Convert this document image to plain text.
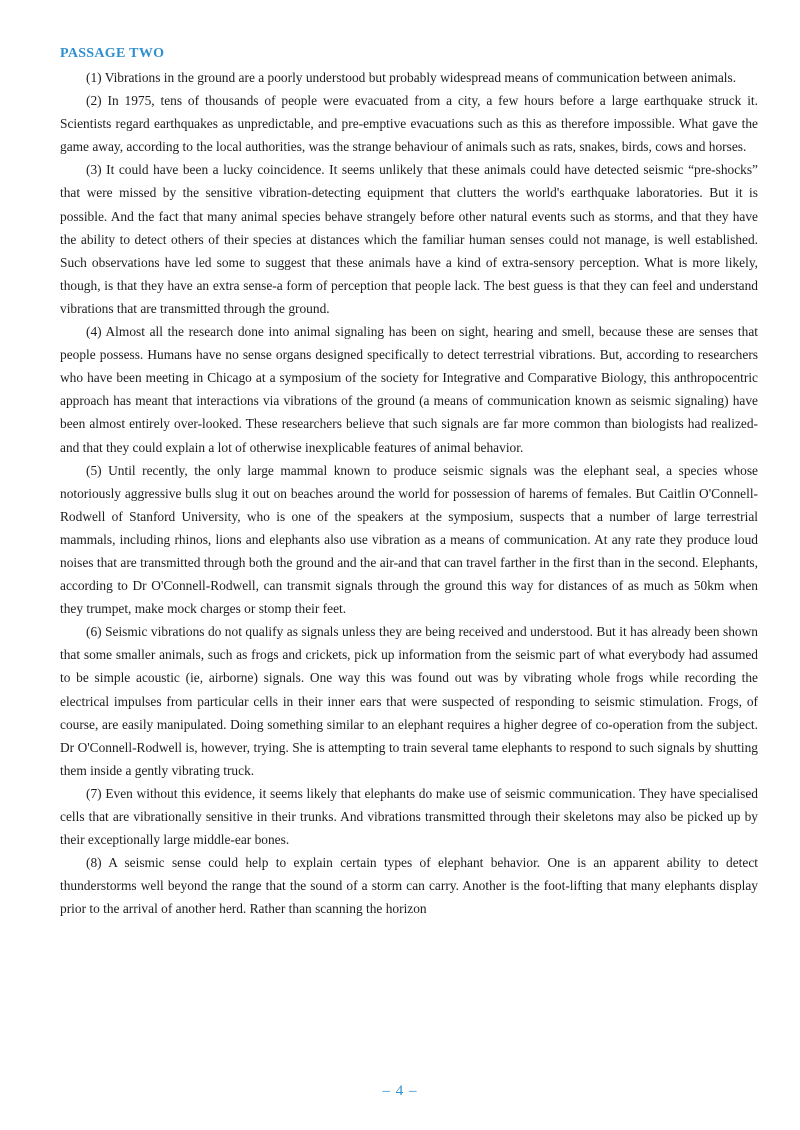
PASSAGE TWO

(1) Vibrations in the ground are a poorly understood but probably widespread means of communication between animals.

(2) In 1975, tens of thousands of people were evacuated from a city, a few hours before a large earthquake struck it. Scientists regard earthquakes as unpredictable, and pre-emptive evacuations such as this as therefore impossible. What gave the game away, according to the local authorities, was the strange behaviour of animals such as rats, snakes, birds, cows and horses.

(3) It could have been a lucky coincidence. It seems unlikely that these animals could have detected seismic “pre-shocks” that were missed by the sensitive vibration-detecting equipment that clutters the world's earthquake laboratories. But it is possible. And the fact that many animal species behave strangely before other natural events such as storms, and that they have the ability to detect others of their species at distances which the familiar human senses could not manage, is well established. Such observations have led some to suggest that these animals have a kind of extra-sensory perception. What is more likely, though, is that they have an extra sense-a form of perception that people lack. The best guess is that they can feel and understand vibrations that are transmitted through the ground.

(4) Almost all the research done into animal signaling has been on sight, hearing and smell, because these are senses that people possess. Humans have no sense organs designed specifically to detect terrestrial vibrations. But, according to researchers who have been meeting in Chicago at a symposium of the society for Integrative and Comparative Biology, this anthropocentric approach has meant that interactions via vibrations of the ground (a means of communication known as seismic signaling) have been almost entirely over-looked. These researchers believe that such signals are far more common than biologists had realized-and that they could explain a lot of otherwise inexplicable features of animal behavior.

(5) Until recently, the only large mammal known to produce seismic signals was the elephant seal, a species whose notoriously aggressive bulls slug it out on beaches around the world for possession of harems of females. But Caitlin O'Connell-Rodwell of Stanford University, who is one of the speakers at the symposium, suspects that a number of large terrestrial mammals, including rhinos, lions and elephants also use vibration as a means of communication. At any rate they produce loud noises that are transmitted through both the ground and the air-and that can travel farther in the first than in the second. Elephants, according to Dr O'Connell-Rodwell, can transmit signals through the ground this way for distances of as much as 50km when they trumpet, make mock charges or stomp their feet.

(6) Seismic vibrations do not qualify as signals unless they are being received and understood. But it has already been shown that some smaller animals, such as frogs and crickets, pick up information from the seismic part of what everybody had assumed to be simple acoustic (ie, airborne) signals. One way this was found out was by vibrating whole frogs while recording the electrical impulses from particular cells in their inner ears that were suspected of responding to seismic stimulation. Frogs, of course, are easily manipulated. Doing something similar to an elephant requires a higher degree of co-operation from the subject. Dr O'Connell-Rodwell is, however, trying. She is attempting to train several tame elephants to respond to such signals by shutting them inside a gently vibrating truck.

(7) Even without this evidence, it seems likely that elephants do make use of seismic communication. They have specialised cells that are vibrationally sensitive in their trunks. And vibrations transmitted through their skeletons may also be picked up by their exceptionally large middle-ear bones.

(8) A seismic sense could help to explain certain types of elephant behavior. One is an apparent ability to detect thunderstorms well beyond the range that the sound of a storm can carry. Another is the foot-lifting that many elephants display prior to the arrival of another herd. Rather than scanning the horizon

– 4 –
